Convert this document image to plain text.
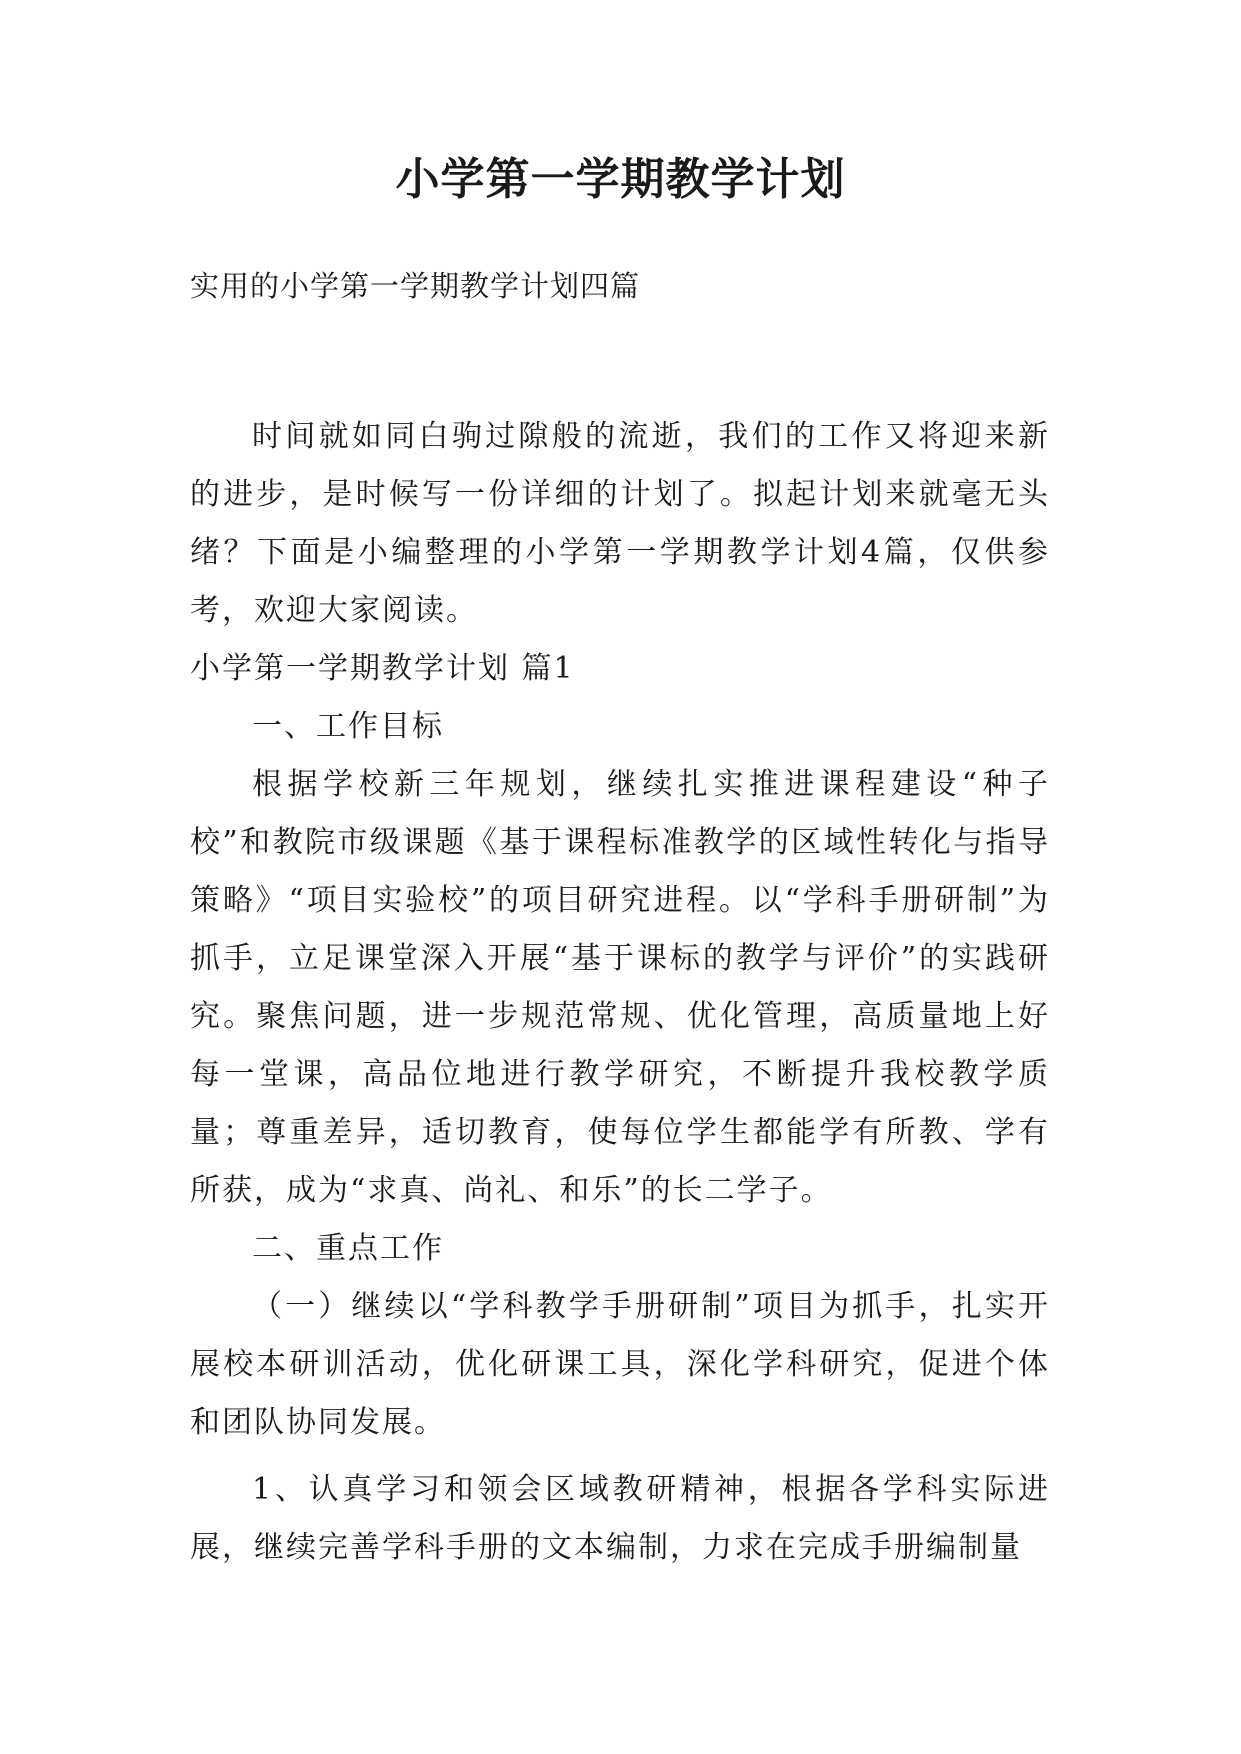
小学第一学期教学计划

实用的小学第一学期教学计划四篇

时间就如同白驹过隙般的流逝，我们的工作又将迎来新的进步，是时候写一份详细的计划了。拟起计划来就毫无头绪？下面是小编整理的小学第一学期教学计划4篇，仅供参考，欢迎大家阅读。

小学第一学期教学计划 篇1

一、工作目标

根据学校新三年规划，继续扎实推进课程建设“种子校”和教院市级课题《基于课程标准教学的区域性转化与指导策略》“项目实验校”的项目研究进程。以“学科手册研制”为抓手，立足课堂深入开展“基于课标的教学与评价”的实践研究。聚焦问题，进一步规范常规、优化管理，高质量地上好每一堂课，高品位地进行教学研究，不断提升我校教学质量；尊重差异，适切教育，使每位学生都能学有所教、学有所获，成为“求真、尚礼、和乐”的长二学子。

二、重点工作

（一）继续以“学科教学手册研制”项目为抓手，扎实开展校本研训活动，优化研课工具，深化学科研究，促进个体和团队协同发展。

1、认真学习和领会区域教研精神，根据各学科实际进展，继续完善学科手册的文本编制，力求在完成手册编制量
